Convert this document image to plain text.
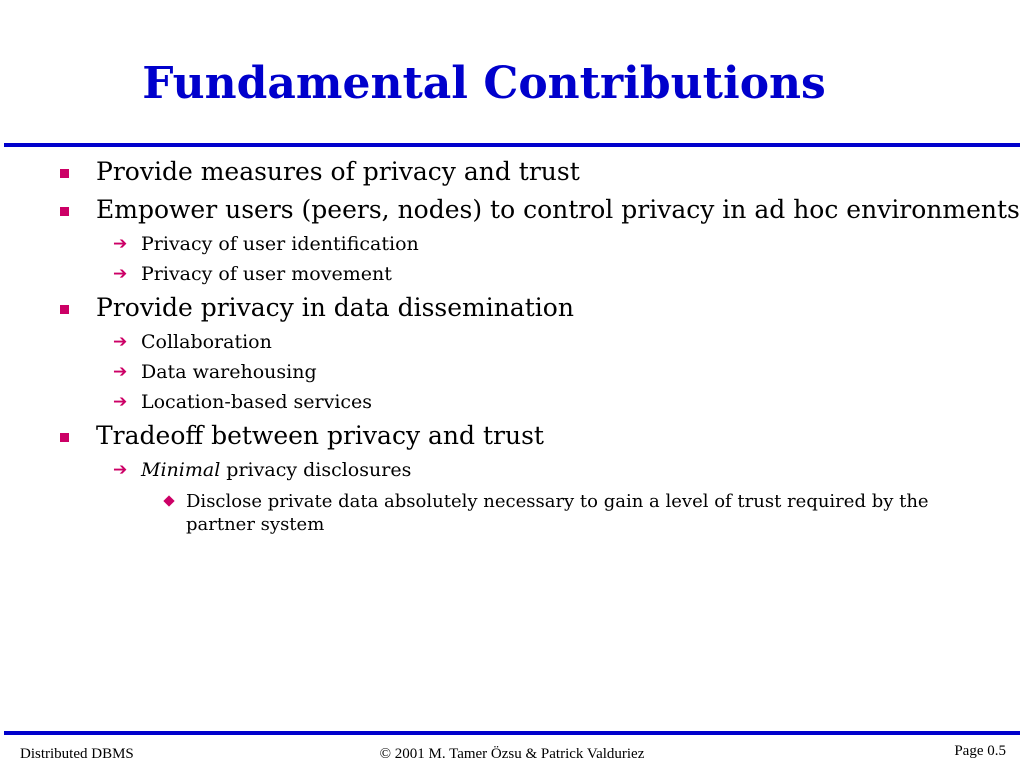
Fundamental Contributions
Provide measures of privacy and trust
Empower users (peers, nodes) to control privacy in ad hoc environments
➔ Privacy of user identification
➔ Privacy of user movement
Provide privacy in data dissemination
➔ Collaboration
➔ Data warehousing
➔ Location-based services
Tradeoff between privacy and trust
➔ Minimal privacy disclosures
Disclose private data absolutely necessary to gain a level of trust required by the partner system
Distributed DBMS	© 2001 M. Tamer Özsu & Patrick Valduriez	Page 0.5
